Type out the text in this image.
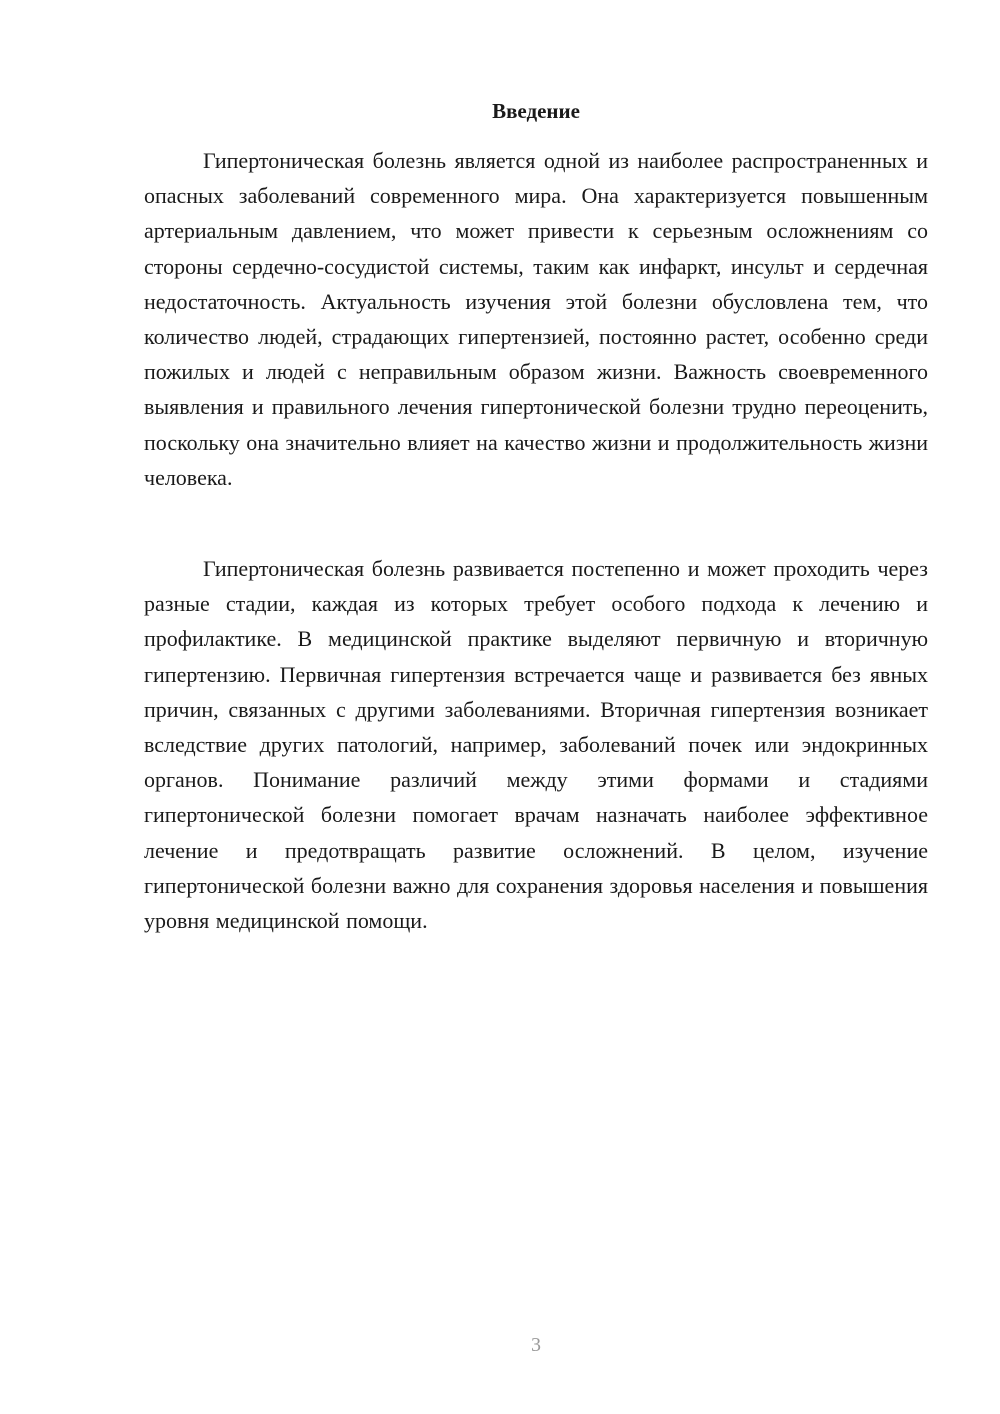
Введение

Гипертоническая болезнь является одной из наиболее распространенных и опасных заболеваний современного мира. Она характеризуется повышенным артериальным давлением, что может привести к серьезным осложнениям со стороны сердечно-сосудистой системы, таким как инфаркт, инсульт и сердечная недостаточность. Актуальность изучения этой болезни обусловлена тем, что количество людей, страдающих гипертензией, постоянно растет, особенно среди пожилых и людей с неправильным образом жизни. Важность своевременного выявления и правильного лечения гипертонической болезни трудно переоценить, поскольку она значительно влияет на качество жизни и продолжительность жизни человека.

Гипертоническая болезнь развивается постепенно и может проходить через разные стадии, каждая из которых требует особого подхода к лечению и профилактике. В медицинской практике выделяют первичную и вторичную гипертензию. Первичная гипертензия встречается чаще и развивается без явных причин, связанных с другими заболеваниями. Вторичная гипертензия возникает вследствие других патологий, например, заболеваний почек или эндокринных органов. Понимание различий между этими формами и стадиями гипертонической болезни помогает врачам назначать наиболее эффективное лечение и предотвращать развитие осложнений. В целом, изучение гипертонической болезни важно для сохранения здоровья населения и повышения уровня медицинской помощи.

3
